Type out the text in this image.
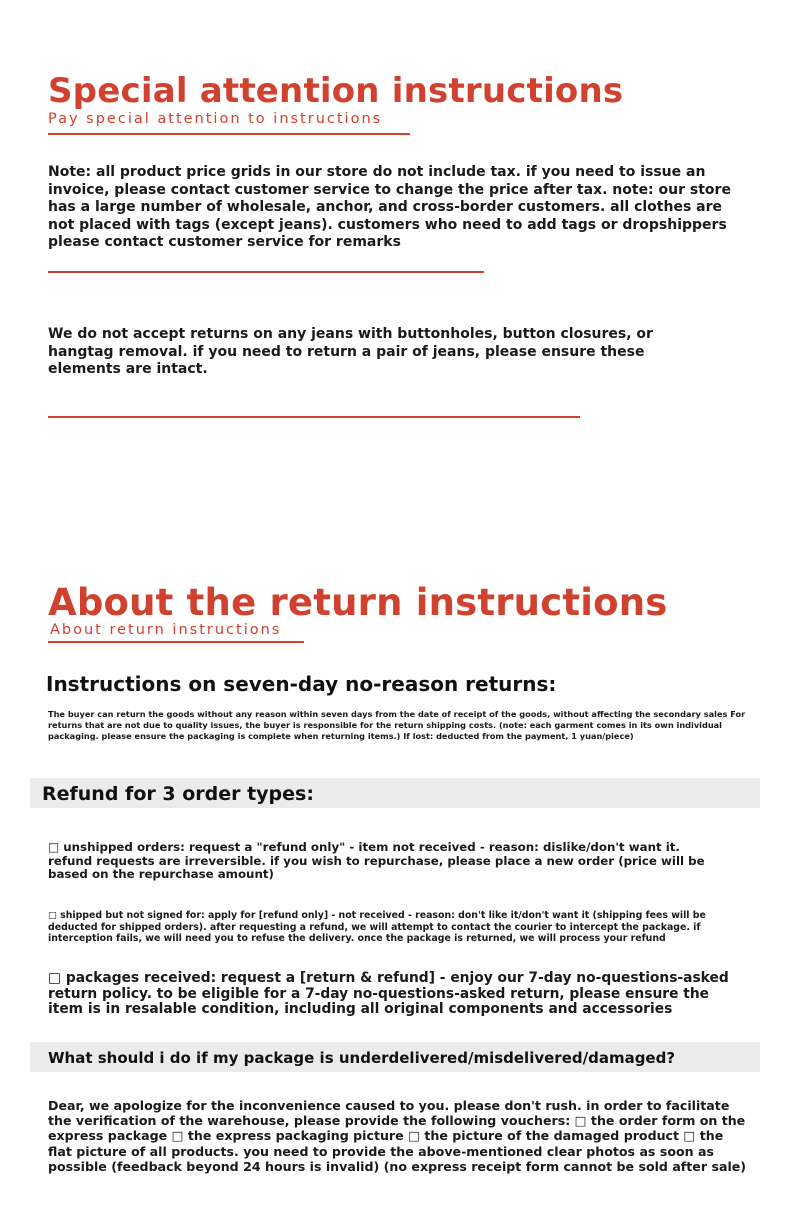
Special attention instructions
Pay special attention to instructions
Note: all product price grids in our store do not include tax. if you need to issue an invoice, please contact customer service to change the price after tax. note: our store has a large number of wholesale, anchor, and cross-border customers. all clothes are not placed with tags (except jeans). customers who need to add tags or dropshippers please contact customer service for remarks
We do not accept returns on any jeans with buttonholes, button closures, or hangtag removal. if you need to return a pair of jeans, please ensure these elements are intact.
About the return instructions
About return instructions
Instructions on seven-day no-reason returns:
The buyer can return the goods without any reason within seven days from the date of receipt of the goods, without affecting the secondary sales For returns that are not due to quality issues, the buyer is responsible for the return shipping costs. (note: each garment comes in its own individual packaging. please ensure the packaging is complete when returning items.) If lost: deducted from the payment, 1 yuan/piece)
Refund for 3 order types:
□ unshipped orders: request a "refund only" - item not received - reason: dislike/don't want it. refund requests are irreversible. if you wish to repurchase, please place a new order (price will be based on the repurchase amount)
□ shipped but not signed for: apply for [refund only] - not received - reason: don't like it/don't want it (shipping fees will be deducted for shipped orders). after requesting a refund, we will attempt to contact the courier to intercept the package. if interception fails, we will need you to refuse the delivery. once the package is returned, we will process your refund
□ packages received: request a [return & refund] - enjoy our 7-day no-questions-asked return policy. to be eligible for a 7-day no-questions-asked return, please ensure the item is in resalable condition, including all original components and accessories
What should i do if my package is underdelivered/misdelivered/damaged?
Dear, we apologize for the inconvenience caused to you. please don't rush. in order to facilitate the verification of the warehouse, please provide the following vouchers: □ the order form on the express package □ the express packaging picture □ the picture of the damaged product □ the flat picture of all products. you need to provide the above-mentioned clear photos as soon as possible (feedback beyond 24 hours is invalid) (no express receipt form cannot be sold after sale)
